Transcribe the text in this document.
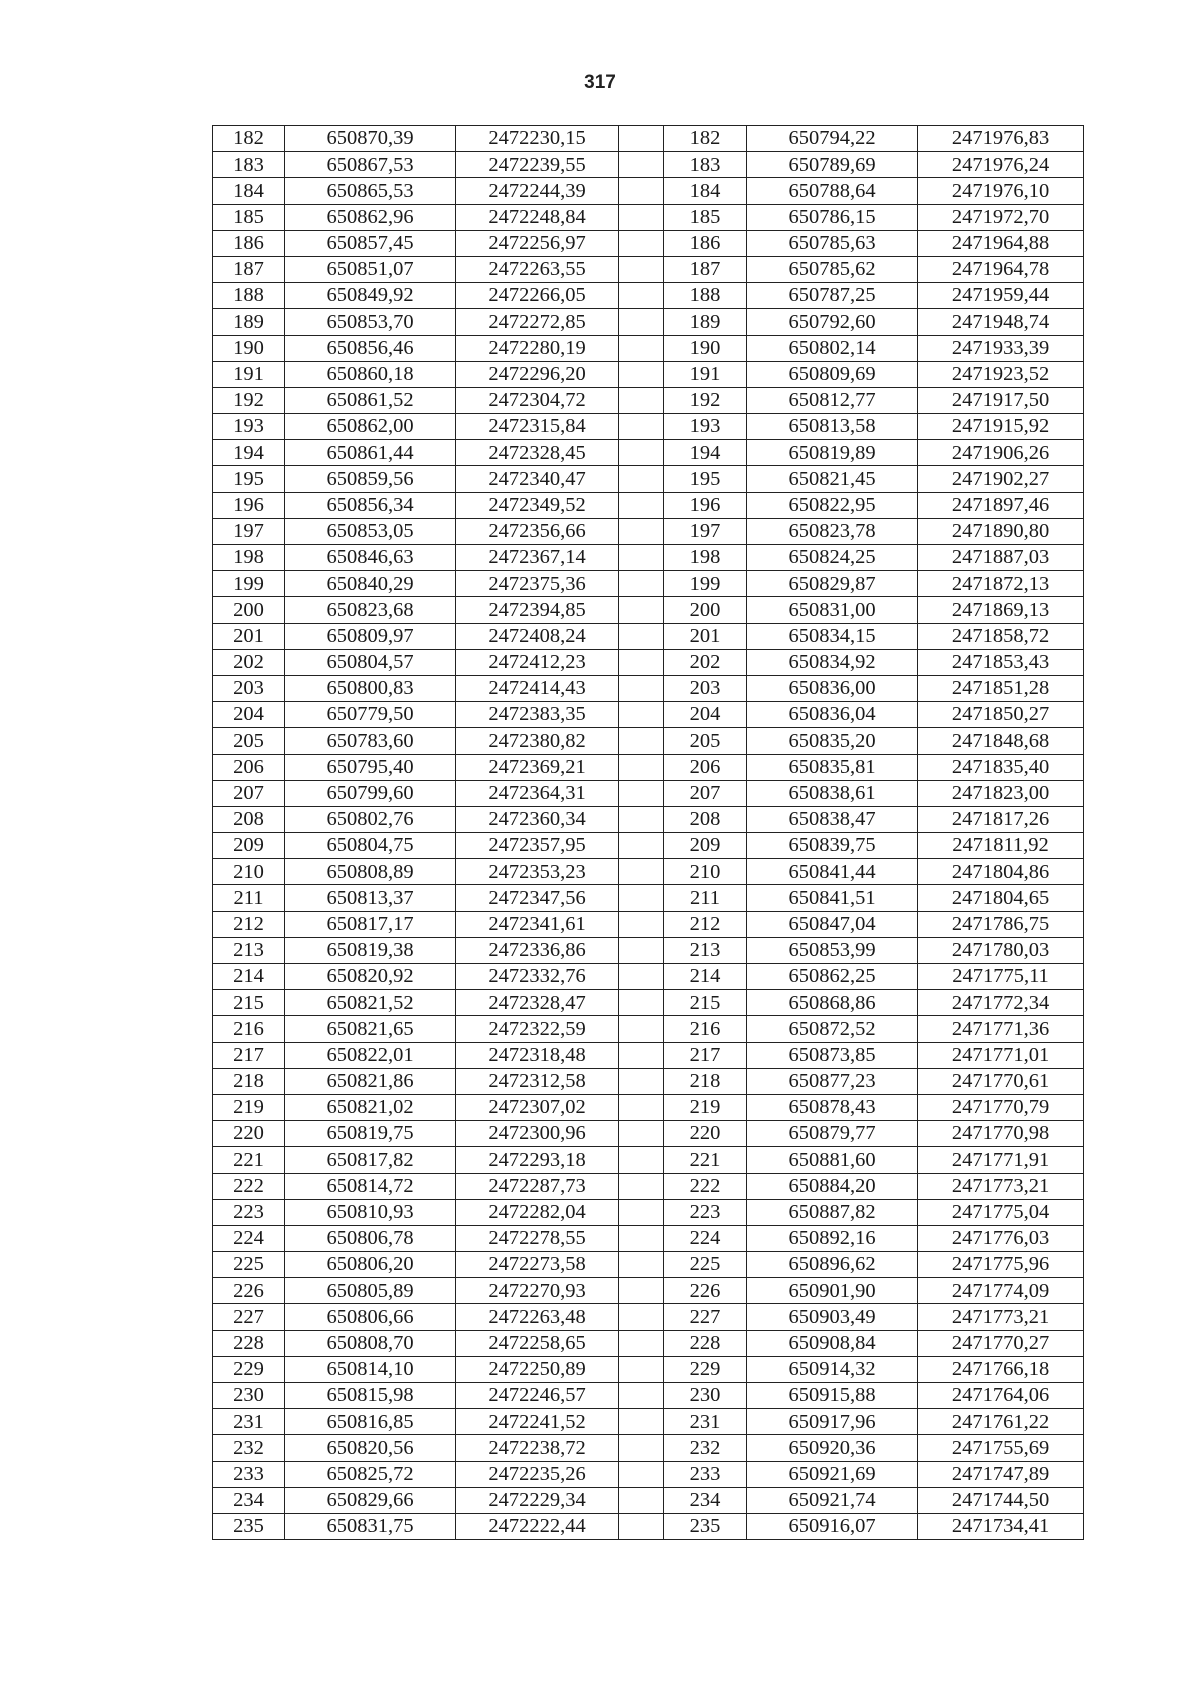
317
182	650870,39	2472230,15		182	650794,22	2471976,83
183	650867,53	2472239,55		183	650789,69	2471976,24
184	650865,53	2472244,39		184	650788,64	2471976,10
185	650862,96	2472248,84		185	650786,15	2471972,70
186	650857,45	2472256,97		186	650785,63	2471964,88
187	650851,07	2472263,55		187	650785,62	2471964,78
188	650849,92	2472266,05		188	650787,25	2471959,44
189	650853,70	2472272,85		189	650792,60	2471948,74
190	650856,46	2472280,19		190	650802,14	2471933,39
191	650860,18	2472296,20		191	650809,69	2471923,52
192	650861,52	2472304,72		192	650812,77	2471917,50
193	650862,00	2472315,84		193	650813,58	2471915,92
194	650861,44	2472328,45		194	650819,89	2471906,26
195	650859,56	2472340,47		195	650821,45	2471902,27
196	650856,34	2472349,52		196	650822,95	2471897,46
197	650853,05	2472356,66		197	650823,78	2471890,80
198	650846,63	2472367,14		198	650824,25	2471887,03
199	650840,29	2472375,36		199	650829,87	2471872,13
200	650823,68	2472394,85		200	650831,00	2471869,13
201	650809,97	2472408,24		201	650834,15	2471858,72
202	650804,57	2472412,23		202	650834,92	2471853,43
203	650800,83	2472414,43		203	650836,00	2471851,28
204	650779,50	2472383,35		204	650836,04	2471850,27
205	650783,60	2472380,82		205	650835,20	2471848,68
206	650795,40	2472369,21		206	650835,81	2471835,40
207	650799,60	2472364,31		207	650838,61	2471823,00
208	650802,76	2472360,34		208	650838,47	2471817,26
209	650804,75	2472357,95		209	650839,75	2471811,92
210	650808,89	2472353,23		210	650841,44	2471804,86
211	650813,37	2472347,56		211	650841,51	2471804,65
212	650817,17	2472341,61		212	650847,04	2471786,75
213	650819,38	2472336,86		213	650853,99	2471780,03
214	650820,92	2472332,76		214	650862,25	2471775,11
215	650821,52	2472328,47		215	650868,86	2471772,34
216	650821,65	2472322,59		216	650872,52	2471771,36
217	650822,01	2472318,48		217	650873,85	2471771,01
218	650821,86	2472312,58		218	650877,23	2471770,61
219	650821,02	2472307,02		219	650878,43	2471770,79
220	650819,75	2472300,96		220	650879,77	2471770,98
221	650817,82	2472293,18		221	650881,60	2471771,91
222	650814,72	2472287,73		222	650884,20	2471773,21
223	650810,93	2472282,04		223	650887,82	2471775,04
224	650806,78	2472278,55		224	650892,16	2471776,03
225	650806,20	2472273,58		225	650896,62	2471775,96
226	650805,89	2472270,93		226	650901,90	2471774,09
227	650806,66	2472263,48		227	650903,49	2471773,21
228	650808,70	2472258,65		228	650908,84	2471770,27
229	650814,10	2472250,89		229	650914,32	2471766,18
230	650815,98	2472246,57		230	650915,88	2471764,06
231	650816,85	2472241,52		231	650917,96	2471761,22
232	650820,56	2472238,72		232	650920,36	2471755,69
233	650825,72	2472235,26		233	650921,69	2471747,89
234	650829,66	2472229,34		234	650921,74	2471744,50
235	650831,75	2472222,44		235	650916,07	2471734,41
